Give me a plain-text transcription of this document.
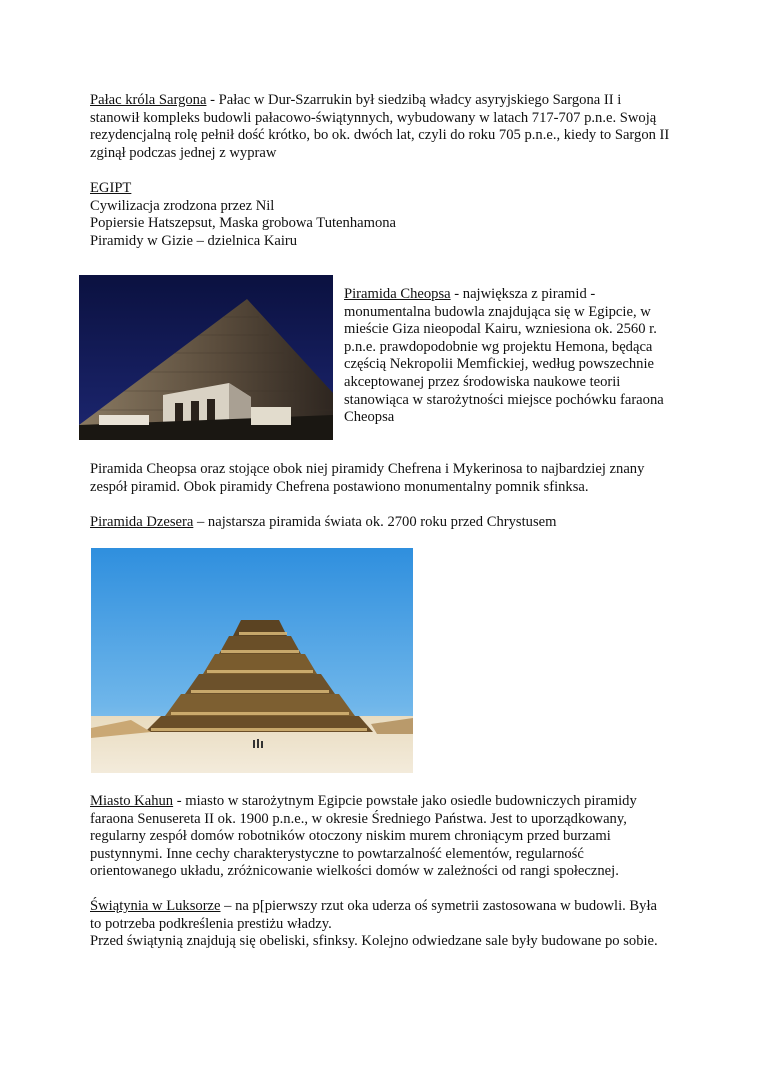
Pałac króla Sargona - Pałac w Dur-Szarrukin był siedzibą władcy asyryjskiego Sargona II i stanowił kompleks budowli pałacowo-świątynnych, wybudowany w latach 717-707 p.n.e. Swoją rezydencjalną rolę pełnił dość krótko, bo ok. dwóch lat, czyli do roku 705 p.n.e., kiedy to Sargon II zginął podczas jednej z wypraw

EGIPT
Cywilizacja zrodzona przez Nil
Popiersie Hatszepsut, Maska grobowa Tutenhamona
Piramidy w Gizie – dzielnica Kairu

Piramida Cheopsa - największa z piramid - monumentalna budowla znajdująca się w Egipcie, w mieście Giza nieopodal Kairu, wzniesiona ok. 2560 r. p.n.e. prawdopodobnie wg projektu Hemona, będąca częścią Nekropolii Memfickiej, według powszechnie akceptowanej przez środowiska naukowe teorii stanowiąca w starożytności miejsce pochówku faraona Cheopsa

Piramida Cheopsa oraz stojące obok niej piramidy Chefrena i Mykerinosa to najbardziej znany zespół piramid. Obok piramidy Chefrena postawiono monumentalny pomnik sfinksa.

Piramida Dzesera – najstarsza piramida świata ok. 2700 roku przed Chrystusem

Miasto Kahun - miasto w starożytnym Egipcie powstałe jako osiedle budowniczych piramidy faraona Senusereta II ok. 1900 p.n.e., w okresie Średniego Państwa. Jest to uporządkowany, regularny zespół domów robotników otoczony niskim murem chroniącym przed burzami pustynnymi. Inne cechy charakterystyczne to powtarzalność elementów, regularność orientowanego układu, zróżnicowanie wielkości domów w zależności od rangi społecznej.

Świątynia w Luksorze – na p[pierwszy rzut oka uderza oś symetrii zastosowana w budowli. Była to potrzeba podkreślenia prestiżu władzy.
Przed świątynią znajdują się obeliski, sfinksy. Kolejno odwiedzane sale były budowane po sobie.
